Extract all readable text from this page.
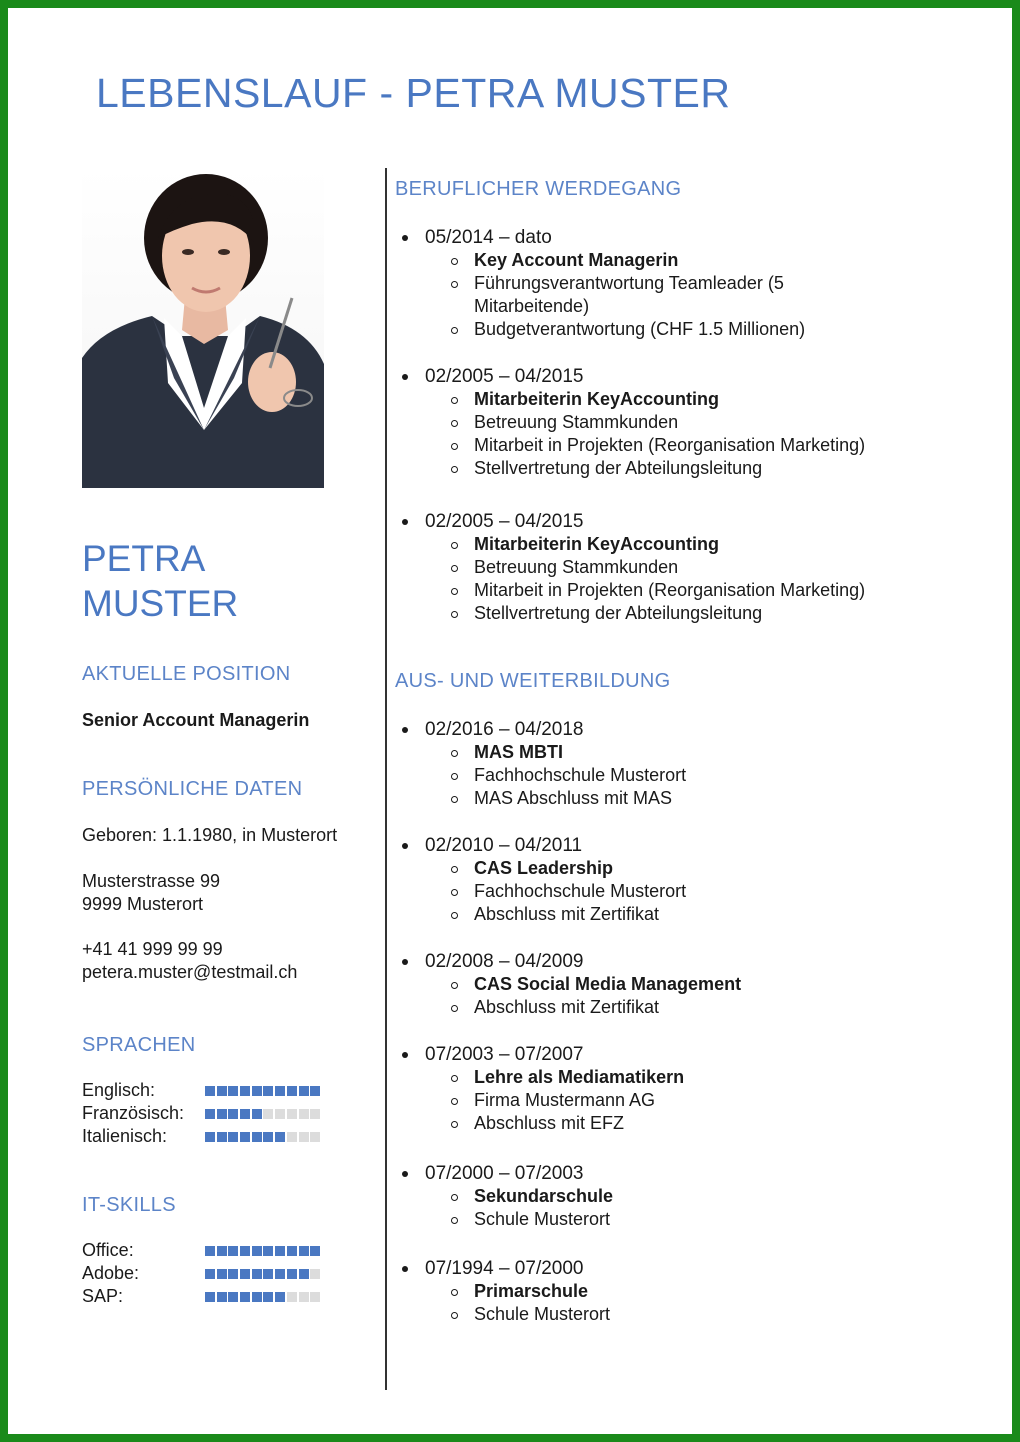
LEBENSLAUF - PETRA MUSTER
PETRA
MUSTER
AKTUELLE POSITION

Senior Account Managerin

PERSÖNLICHE DATEN

Geboren: 1.1.1980, in Musterort

Musterstrasse 99

9999 Musterort

+41 41 999 99 99

petera.muster@testmail.ch

SPRACHEN
Englisch:
Französisch:
Italienisch:
IT-SKILLS
Office:
Adobe:
SAP:
BERUFLICHER WERDEGANG
05/2014 – dato
Key Account Managerin
Führungsverantwortung Teamleader (5 Mitarbeitende)
Budgetverantwortung (CHF 1.5 Millionen)
02/2005 – 04/2015
Mitarbeiterin KeyAccounting
Betreuung Stammkunden
Mitarbeit in Projekten (Reorganisation Marketing)
Stellvertretung der Abteilungsleitung
02/2005 – 04/2015
Mitarbeiterin KeyAccounting
Betreuung Stammkunden
Mitarbeit in Projekten (Reorganisation Marketing)
Stellvertretung der Abteilungsleitung
AUS- UND WEITERBILDUNG
02/2016 – 04/2018
MAS MBTI
Fachhochschule Musterort
MAS Abschluss mit MAS
02/2010 – 04/2011
CAS Leadership
Fachhochschule Musterort
Abschluss mit Zertifikat
02/2008 – 04/2009
CAS Social Media Management
Abschluss mit Zertifikat
07/2003 – 07/2007
Lehre als Mediamatikern
Firma Mustermann AG
Abschluss mit EFZ
07/2000 – 07/2003
Sekundarschule
Schule Musterort
07/1994 – 07/2000
Primarschule
Schule Musterort
